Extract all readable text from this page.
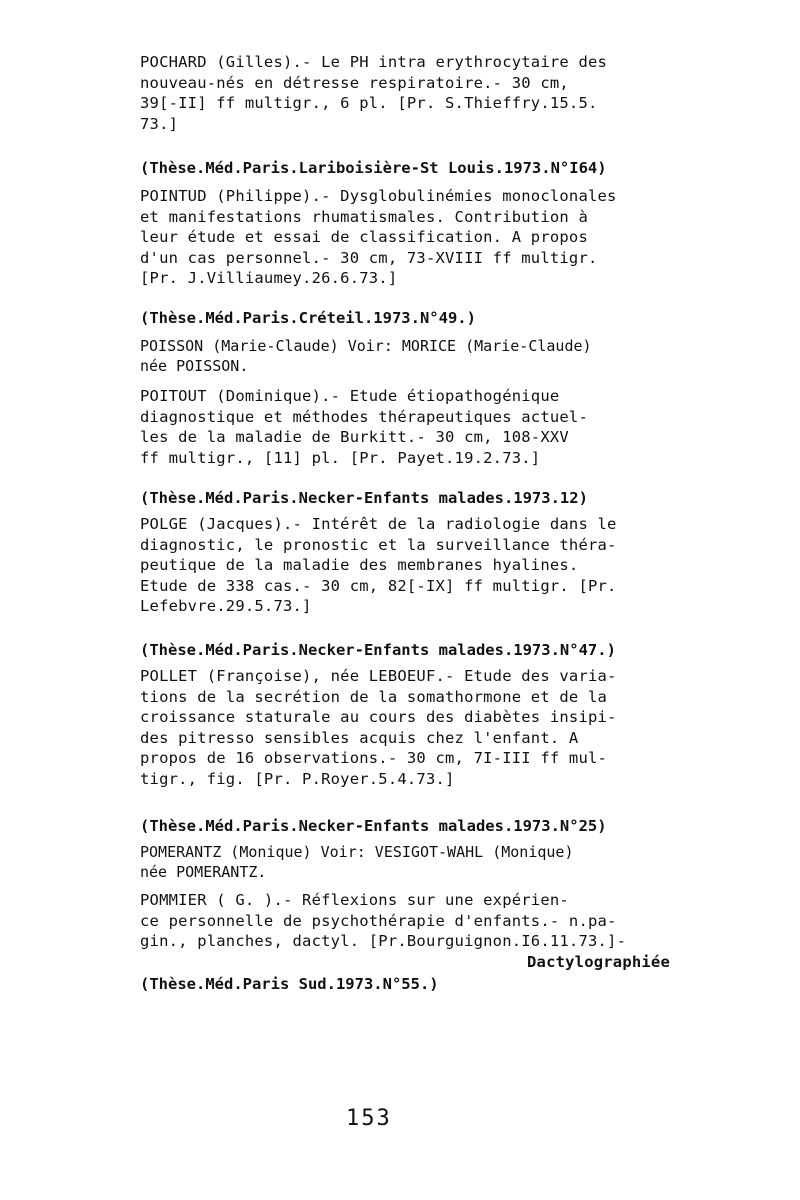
POCHARD (Gilles).- Le PH intra erythrocytaire des
nouveau-nés en détresse respiratoire.- 30 cm,
39[-II] ff multigr., 6 pl. [Pr. S.Thieffry.15.5.
73.]
(Thèse.Méd.Paris.Lariboisière-St Louis.1973.N°I64)
POINTUD (Philippe).- Dysglobulinémies monoclonales
et manifestations rhumatismales. Contribution à
leur étude et essai de classification. A propos
d'un cas personnel.- 30 cm, 73-XVIII ff multigr.
[Pr. J.Villiaumey.26.6.73.]
(Thèse.Méd.Paris.Créteil.1973.N°49.)
POISSON (Marie-Claude) Voir: MORICE (Marie-Claude)
née POISSON.
POITOUT (Dominique).- Etude étiopathogénique
diagnostique et méthodes thérapeutiques actuel-
les de la maladie de Burkitt.- 30 cm, 108-XXV
ff multigr., [11] pl. [Pr. Payet.19.2.73.]
(Thèse.Méd.Paris.Necker-Enfants malades.1973.12)
POLGE (Jacques).- Intérêt de la radiologie dans le
diagnostic, le pronostic et la surveillance théra-
peutique de la maladie des membranes hyalines.
Etude de 338 cas.- 30 cm, 82[-IX] ff multigr. [Pr.
Lefebvre.29.5.73.]
(Thèse.Méd.Paris.Necker-Enfants malades.1973.N°47.)
POLLET (Françoise), née LEBOEUF.- Etude des varia-
tions de la secrétion de la somathormone et de la
croissance staturale au cours des diabètes insipi-
des pitresso sensibles acquis chez l'enfant. A
propos de 16 observations.- 30 cm, 7I-III ff mul-
tigr., fig. [Pr. P.Royer.5.4.73.]
(Thèse.Méd.Paris.Necker-Enfants malades.1973.N°25)
POMERANTZ (Monique) Voir: VESIGOT-WAHL (Monique)
née POMERANTZ.
POMMIER ( G. ).- Réflexions sur une expérien-
ce personnelle de psychothérapie d'enfants.- n.pa-
gin., planches, dactyl. [Pr.Bourguignon.I6.11.73.]-
Dactylographiée
(Thèse.Méd.Paris Sud.1973.N°55.)
153
